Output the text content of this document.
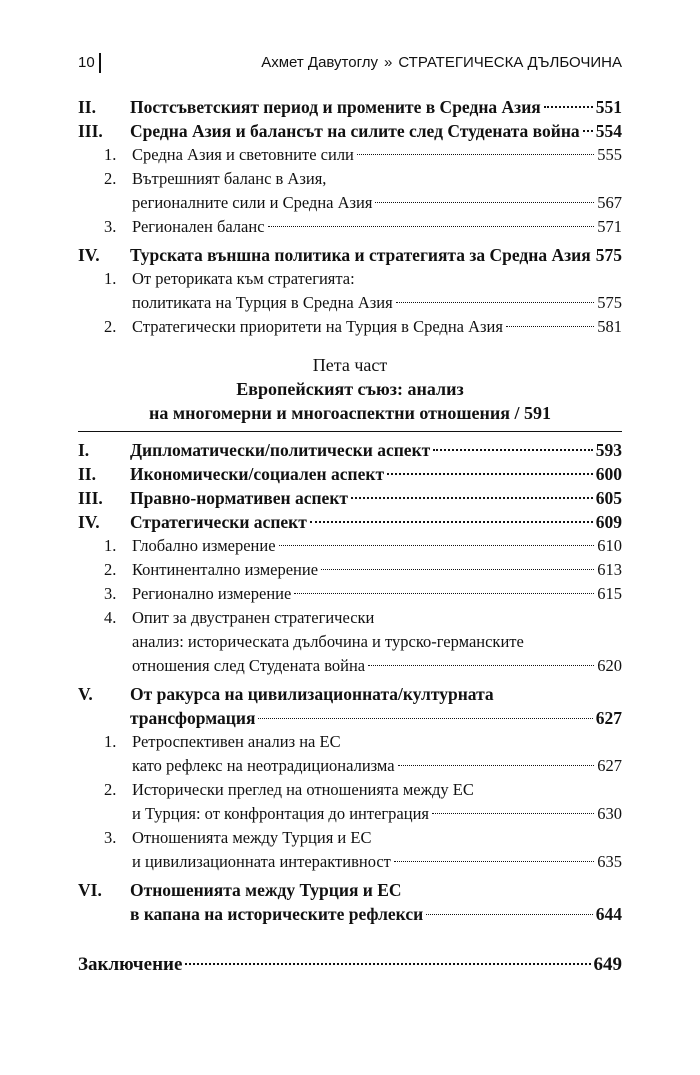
10	Ахмет Давутоглу » СТРАТЕГИЧЕСКА ДЪЛБОЧИНА
II.	Постсъветският период и промените в Средна Азия	551
III.	Средна Азия и балансът на силите след Студената война 554
1. Средна Азия и световните сили	555
2. Вътрешният баланс в Азия,
регионалните сили и Средна Азия	567
3. Регионален баланс	571
IV.	Турската външна политика и стратегията за Средна Азия 575
1. От реториката към стратегията:
политиката на Турция в Средна Азия	575
2. Стратегически приоритети на Турция в Средна Азия	581
Пета част
Европейският съюз: анализ
на многомерни и многоаспектни отношения / 591
I.	Дипломатически/политически аспект	593
II.	Икономически/социален аспект	600
III.	Правно-нормативен аспект	605
IV.	Стратегически аспект	609
1. Глобално измерение	610
2. Континентално измерение	613
3. Регионално измерение	615
4. Опит за двустранен стратегически
анализ: историческата дълбочина и турско-германските
отношения след Студената война	620
V.	От ракурса на цивилизационната/културната
трансформация	627
1. Ретроспективен анализ на ЕС
като рефлекс на неотрадиционализма	627
2. Исторически преглед на отношенията между ЕС
и Турция: от конфронтация до интеграция	630
3. Отношенията между Турция и ЕС
и цивилизационната интерактивност	635
VI.	Отношенията между Турция и ЕС
в капана на историческите рефлекси	644
Заключение	649
